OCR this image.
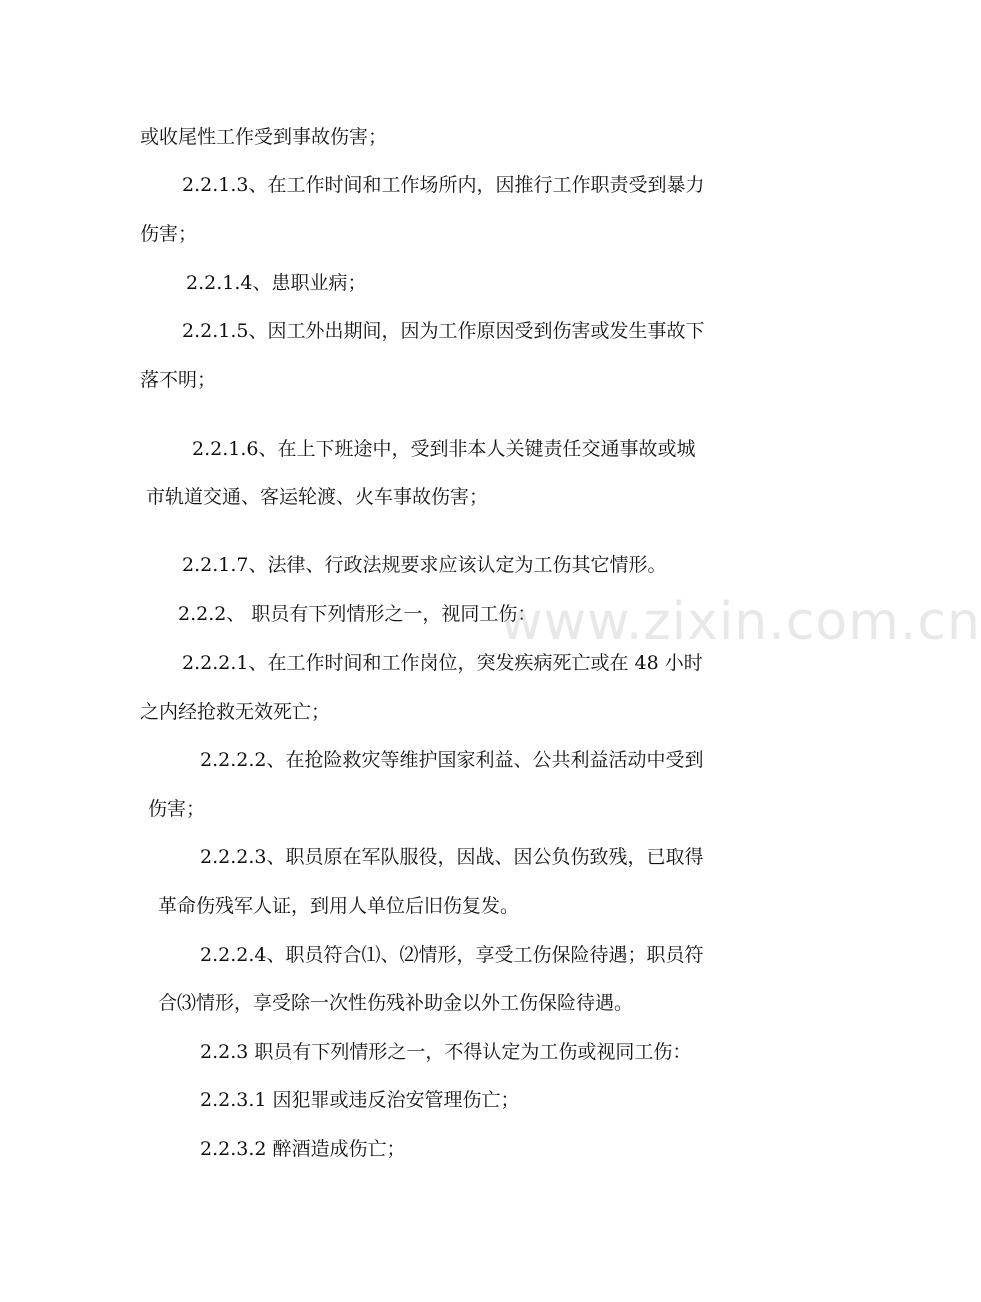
或收尾性工作受到事故伤害；
2.2.1.3、在工作时间和工作场所内，因推行工作职责受到暴力
伤害；
2.2.1.4、患职业病；
2.2.1.5、因工外出期间，因为工作原因受到伤害或发生事故下
落不明；
2.2.1.6、在上下班途中，受到非本人关键责任交通事故或城
市轨道交通、客运轮渡、火车事故伤害；
2.2.1.7、法律、行政法规要求应该认定为工伤其它情形。
2.2.2、 职员有下列情形之一，视同工伤：
2.2.2.1、在工作时间和工作岗位，突发疾病死亡或在 48 小时
之内经抢救无效死亡；
2.2.2.2、在抢险救灾等维护国家利益、公共利益活动中受到
伤害；
2.2.2.3、职员原在军队服役，因战、因公负伤致残，已取得
革命伤残军人证，到用人单位后旧伤复发。
2.2.2.4、职员符合⑴、⑵情形，享受工伤保险待遇；职员符
合⑶情形，享受除一次性伤残补助金以外工伤保险待遇。
2.2.3 职员有下列情形之一，不得认定为工伤或视同工伤：
2.2.3.1 因犯罪或违反治安管理伤亡；
2.2.3.2 醉酒造成伤亡；
www.zixin.com.cn
